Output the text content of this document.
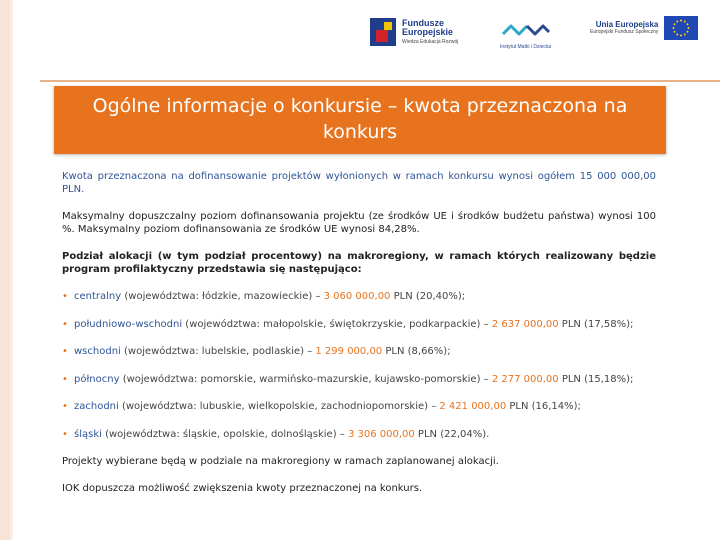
Fundusze
Europejskie
Wiedza Edukacja Rozwój
Instytut Matki i Dziecka
Unia Europejska
Europejski Fundusz Społeczny
Ogólne informacje o konkursie – kwota przeznaczona na konkurs

Kwota przeznaczona na dofinansowanie projektów wyłonionych w ramach konkursu wynosi ogółem 15 000 000,00 PLN.

Maksymalny dopuszczalny poziom dofinansowania projektu (ze środków UE i środków budżetu państwa) wynosi 100 %. Maksymalny poziom dofinansowania ze środków UE wynosi 84,28%.

Podział alokacji (w tym podział procentowy) na makroregiony, w ramach których realizowany będzie program profilaktyczny przedstawia się następująco:

• centralny (województwa: łódzkie, mazowieckie) – 3 060 000,00 PLN (20,40%);
• południowo-wschodni (województwa: małopolskie, świętokrzyskie, podkarpackie) – 2 637 000,00 PLN (17,58%);
• wschodni (województwa: lubelskie, podlaskie) – 1 299 000,00 PLN (8,66%);
• północny (województwa: pomorskie, warmińsko-mazurskie, kujawsko-pomorskie) – 2 277 000,00 PLN (15,18%);
• zachodni (województwa: lubuskie, wielkopolskie, zachodniopomorskie) – 2 421 000,00 PLN (16,14%);
• śląski (województwa: śląskie, opolskie, dolnośląskie) – 3 306 000,00 PLN (22,04%).

Projekty wybierane będą w podziale na makroregiony w ramach zaplanowanej alokacji.

IOK dopuszcza możliwość zwiększenia kwoty przeznaczonej na konkurs.
